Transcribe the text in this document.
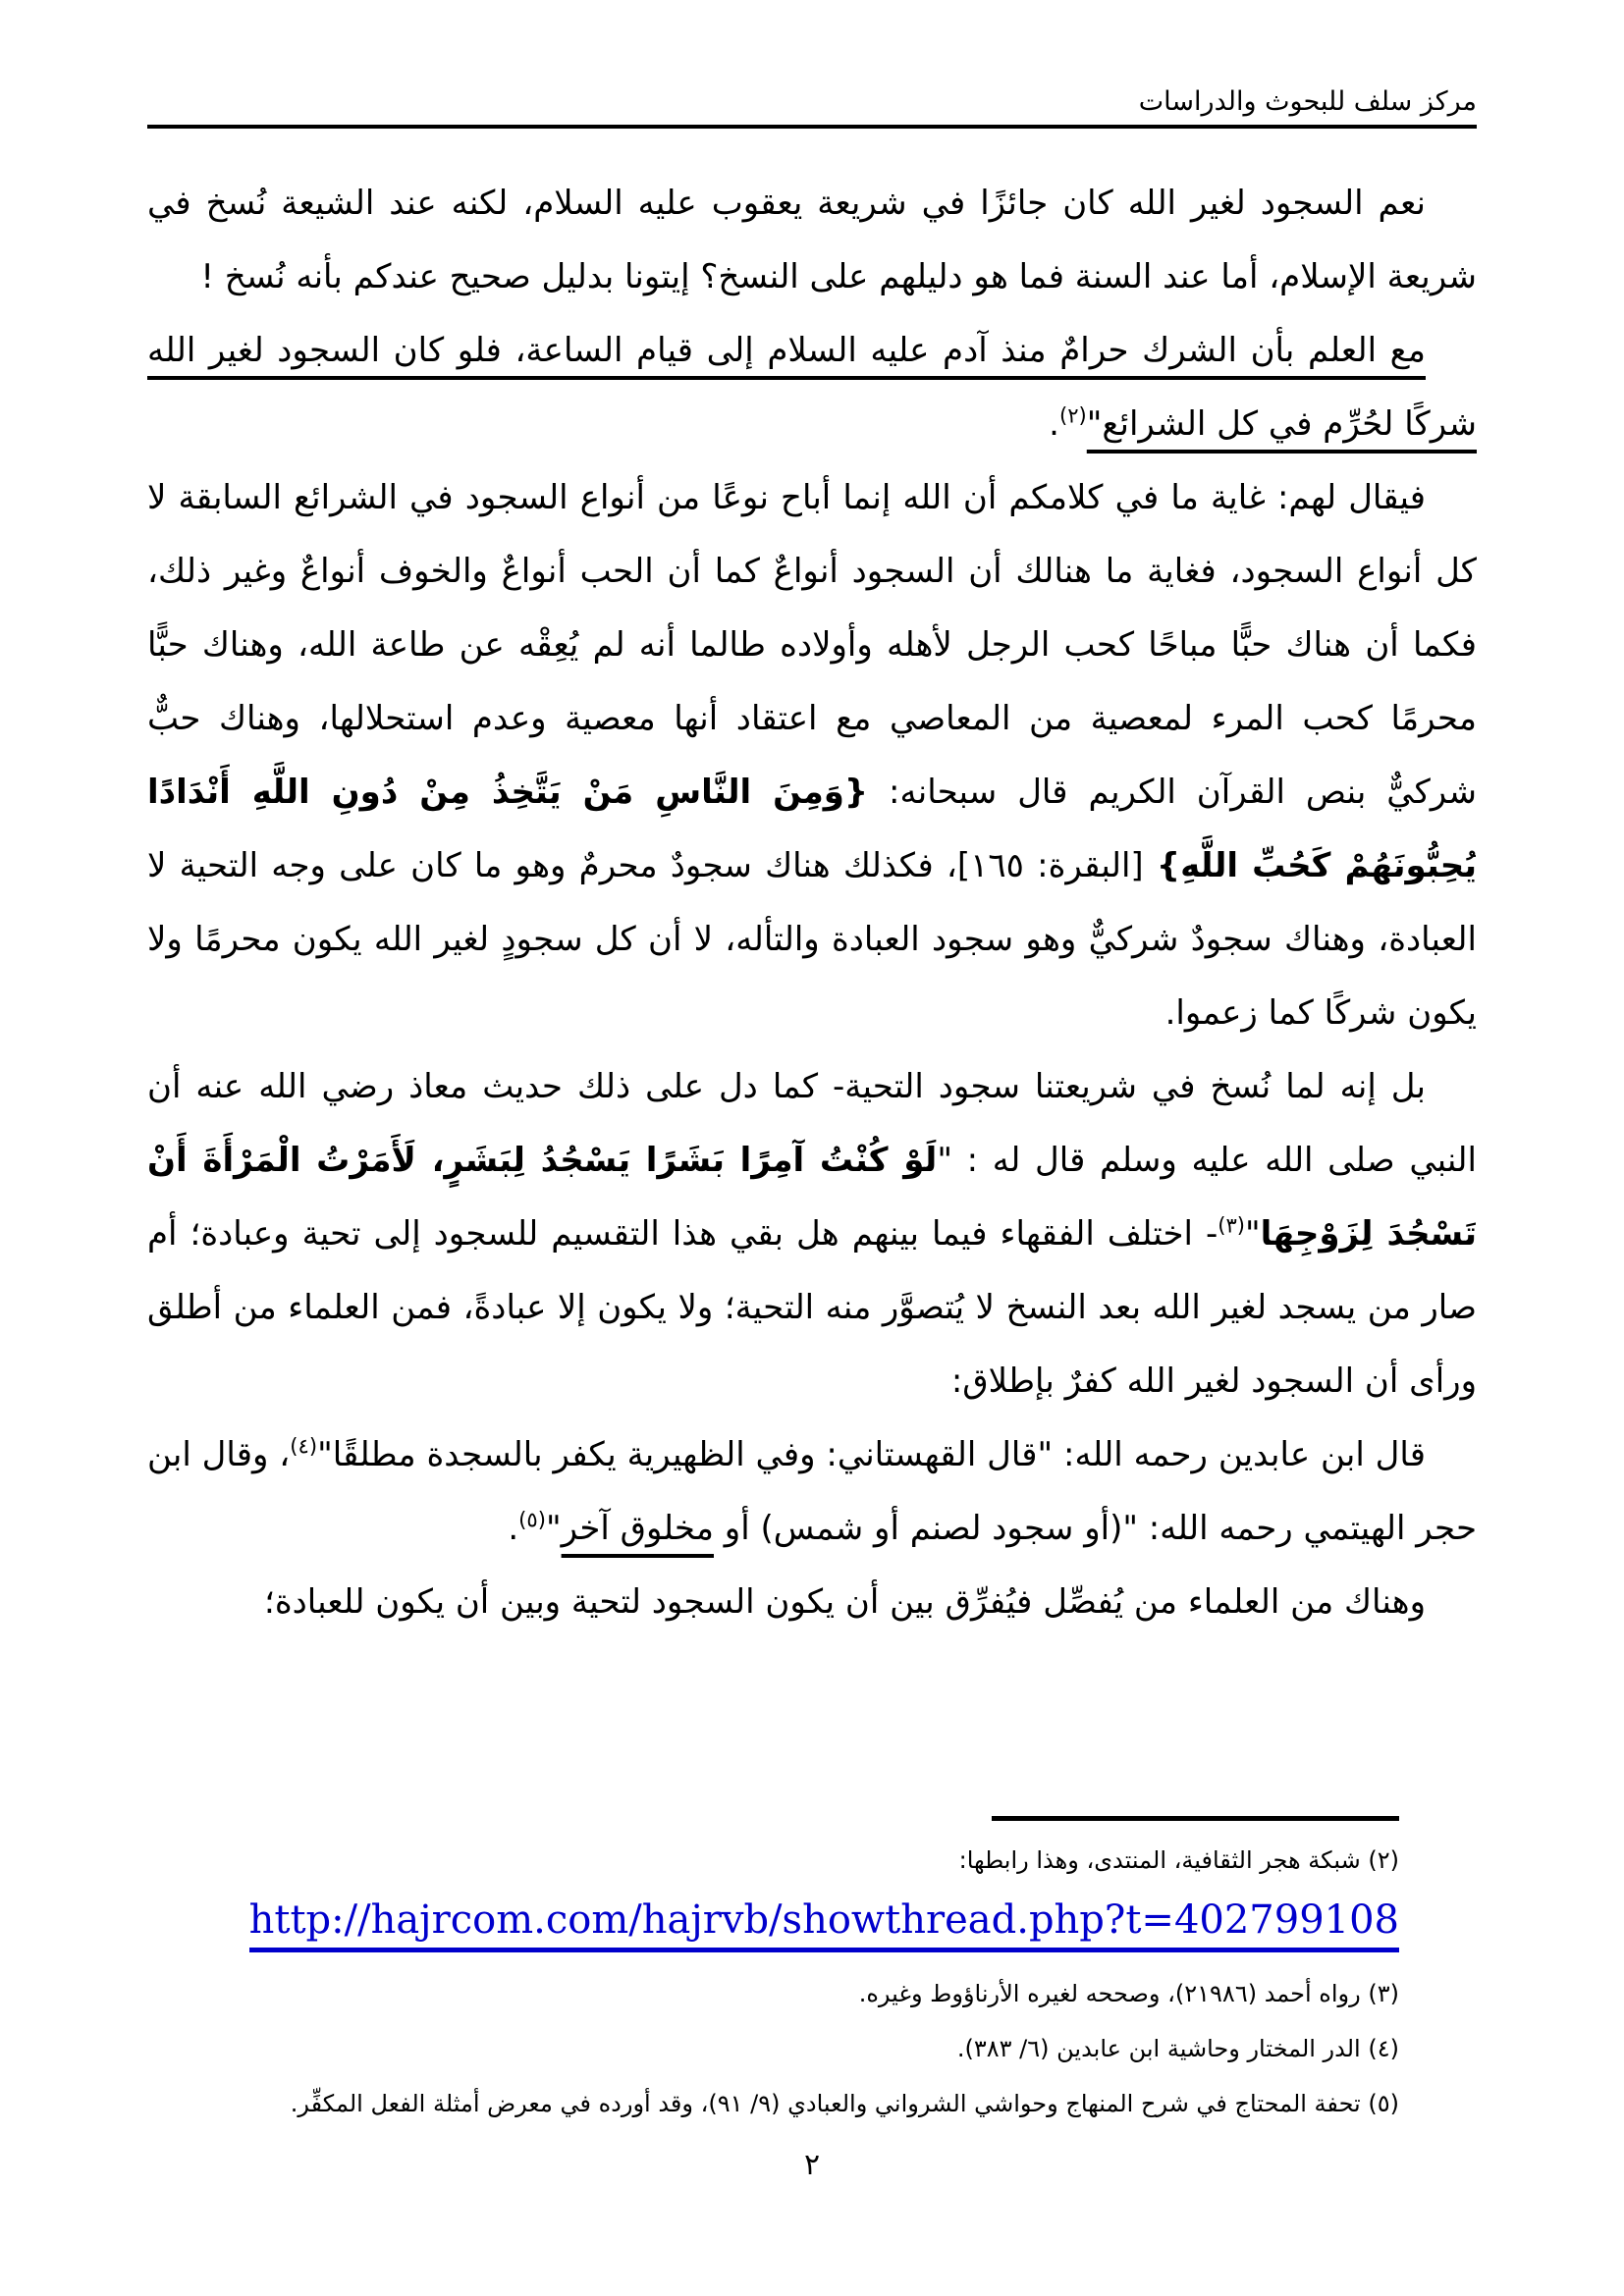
مركز سلف للبحوث والدراسات

نعم السجود لغير الله كان جائزًا في شريعة يعقوب عليه السلام، لكنه عند الشيعة نُسخ في شريعة الإسلام، أما عند السنة فما هو دليلهم على النسخ؟ إيتونا بدليل صحيح عندكم بأنه نُسخ !

مع العلم بأن الشرك حرامٌ منذ آدم عليه السلام إلى قيام الساعة، فلو كان السجود لغير الله شركًا لحُرِّم في كل الشرائع"$^{(٢)}$.

فيقال لهم: غاية ما في كلامكم أن الله إنما أباح نوعًا من أنواع السجود في الشرائع السابقة لا كل أنواع السجود، فغاية ما هنالك أن السجود أنواعٌ كما أن الحب أنواعٌ والخوف أنواعٌ وغير ذلك، فكما أن هناك حبًّا مباحًا كحب الرجل لأهله وأولاده طالما أنه لم يُعِقْه عن طاعة الله، وهناك حبًّا محرمًا كحب المرء لمعصية من المعاصي مع اعتقاد أنها معصية وعدم استحلالها، وهناك حبٌّ شركيٌّ بنص القرآن الكريم قال سبحانه: {وَمِنَ النَّاسِ مَنْ يَتَّخِذُ مِنْ دُونِ اللَّهِ أَنْدَادًا يُحِبُّونَهُمْ كَحُبِّ اللَّهِ} [البقرة: ١٦٥]، فكذلك هناك سجودٌ محرمٌ وهو ما كان على وجه التحية لا العبادة، وهناك سجودٌ شركيٌّ وهو سجود العبادة والتأله، لا أن كل سجودٍ لغير الله يكون محرمًا ولا يكون شركًا كما زعموا.

بل إنه لما نُسخ في شريعتنا سجود التحية- كما دل على ذلك حديث معاذ رضي الله عنه أن النبي صلى الله عليه وسلم قال له : "لَوْ كُنْتُ آمِرًا بَشَرًا يَسْجُدُ لِبَشَرٍ، لَأَمَرْتُ الْمَرْأَةَ أَنْ تَسْجُدَ لِزَوْجِهَا"$^{(٣)}$- اختلف الفقهاء فيما بينهم هل بقي هذا التقسيم للسجود إلى تحية وعبادة؛ أم صار من يسجد لغير الله بعد النسخ لا يُتصوَّر منه التحية؛ ولا يكون إلا عبادةً، فمن العلماء من أطلق ورأى أن السجود لغير الله كفرٌ بإطلاق:

قال ابن عابدين رحمه الله: "قال القهستاني: وفي الظهيرية يكفر بالسجدة مطلقًا"$^{(٤)}$، وقال ابن حجر الهيتمي رحمه الله: "(أو سجود لصنم أو شمس) أو مخلوق آخر"$^{(٥)}$.

وهناك من العلماء من يُفصِّل فيُفرِّق بين أن يكون السجود لتحية وبين أن يكون للعبادة؛

(٢) شبكة هجر الثقافية، المنتدى، وهذا رابطها:

http://hajrcom.com/hajrvb/showthread.php?t=402799108

(٣) رواه أحمد (٢١٩٨٦)، وصححه لغيره الأرناؤوط وغيره.

(٤) الدر المختار وحاشية ابن عابدين (٦/ ٣٨٣).

(٥) تحفة المحتاج في شرح المنهاج وحواشي الشرواني والعبادي (٩/ ٩١)، وقد أورده في معرض أمثلة الفعل المكفِّر.

٢
